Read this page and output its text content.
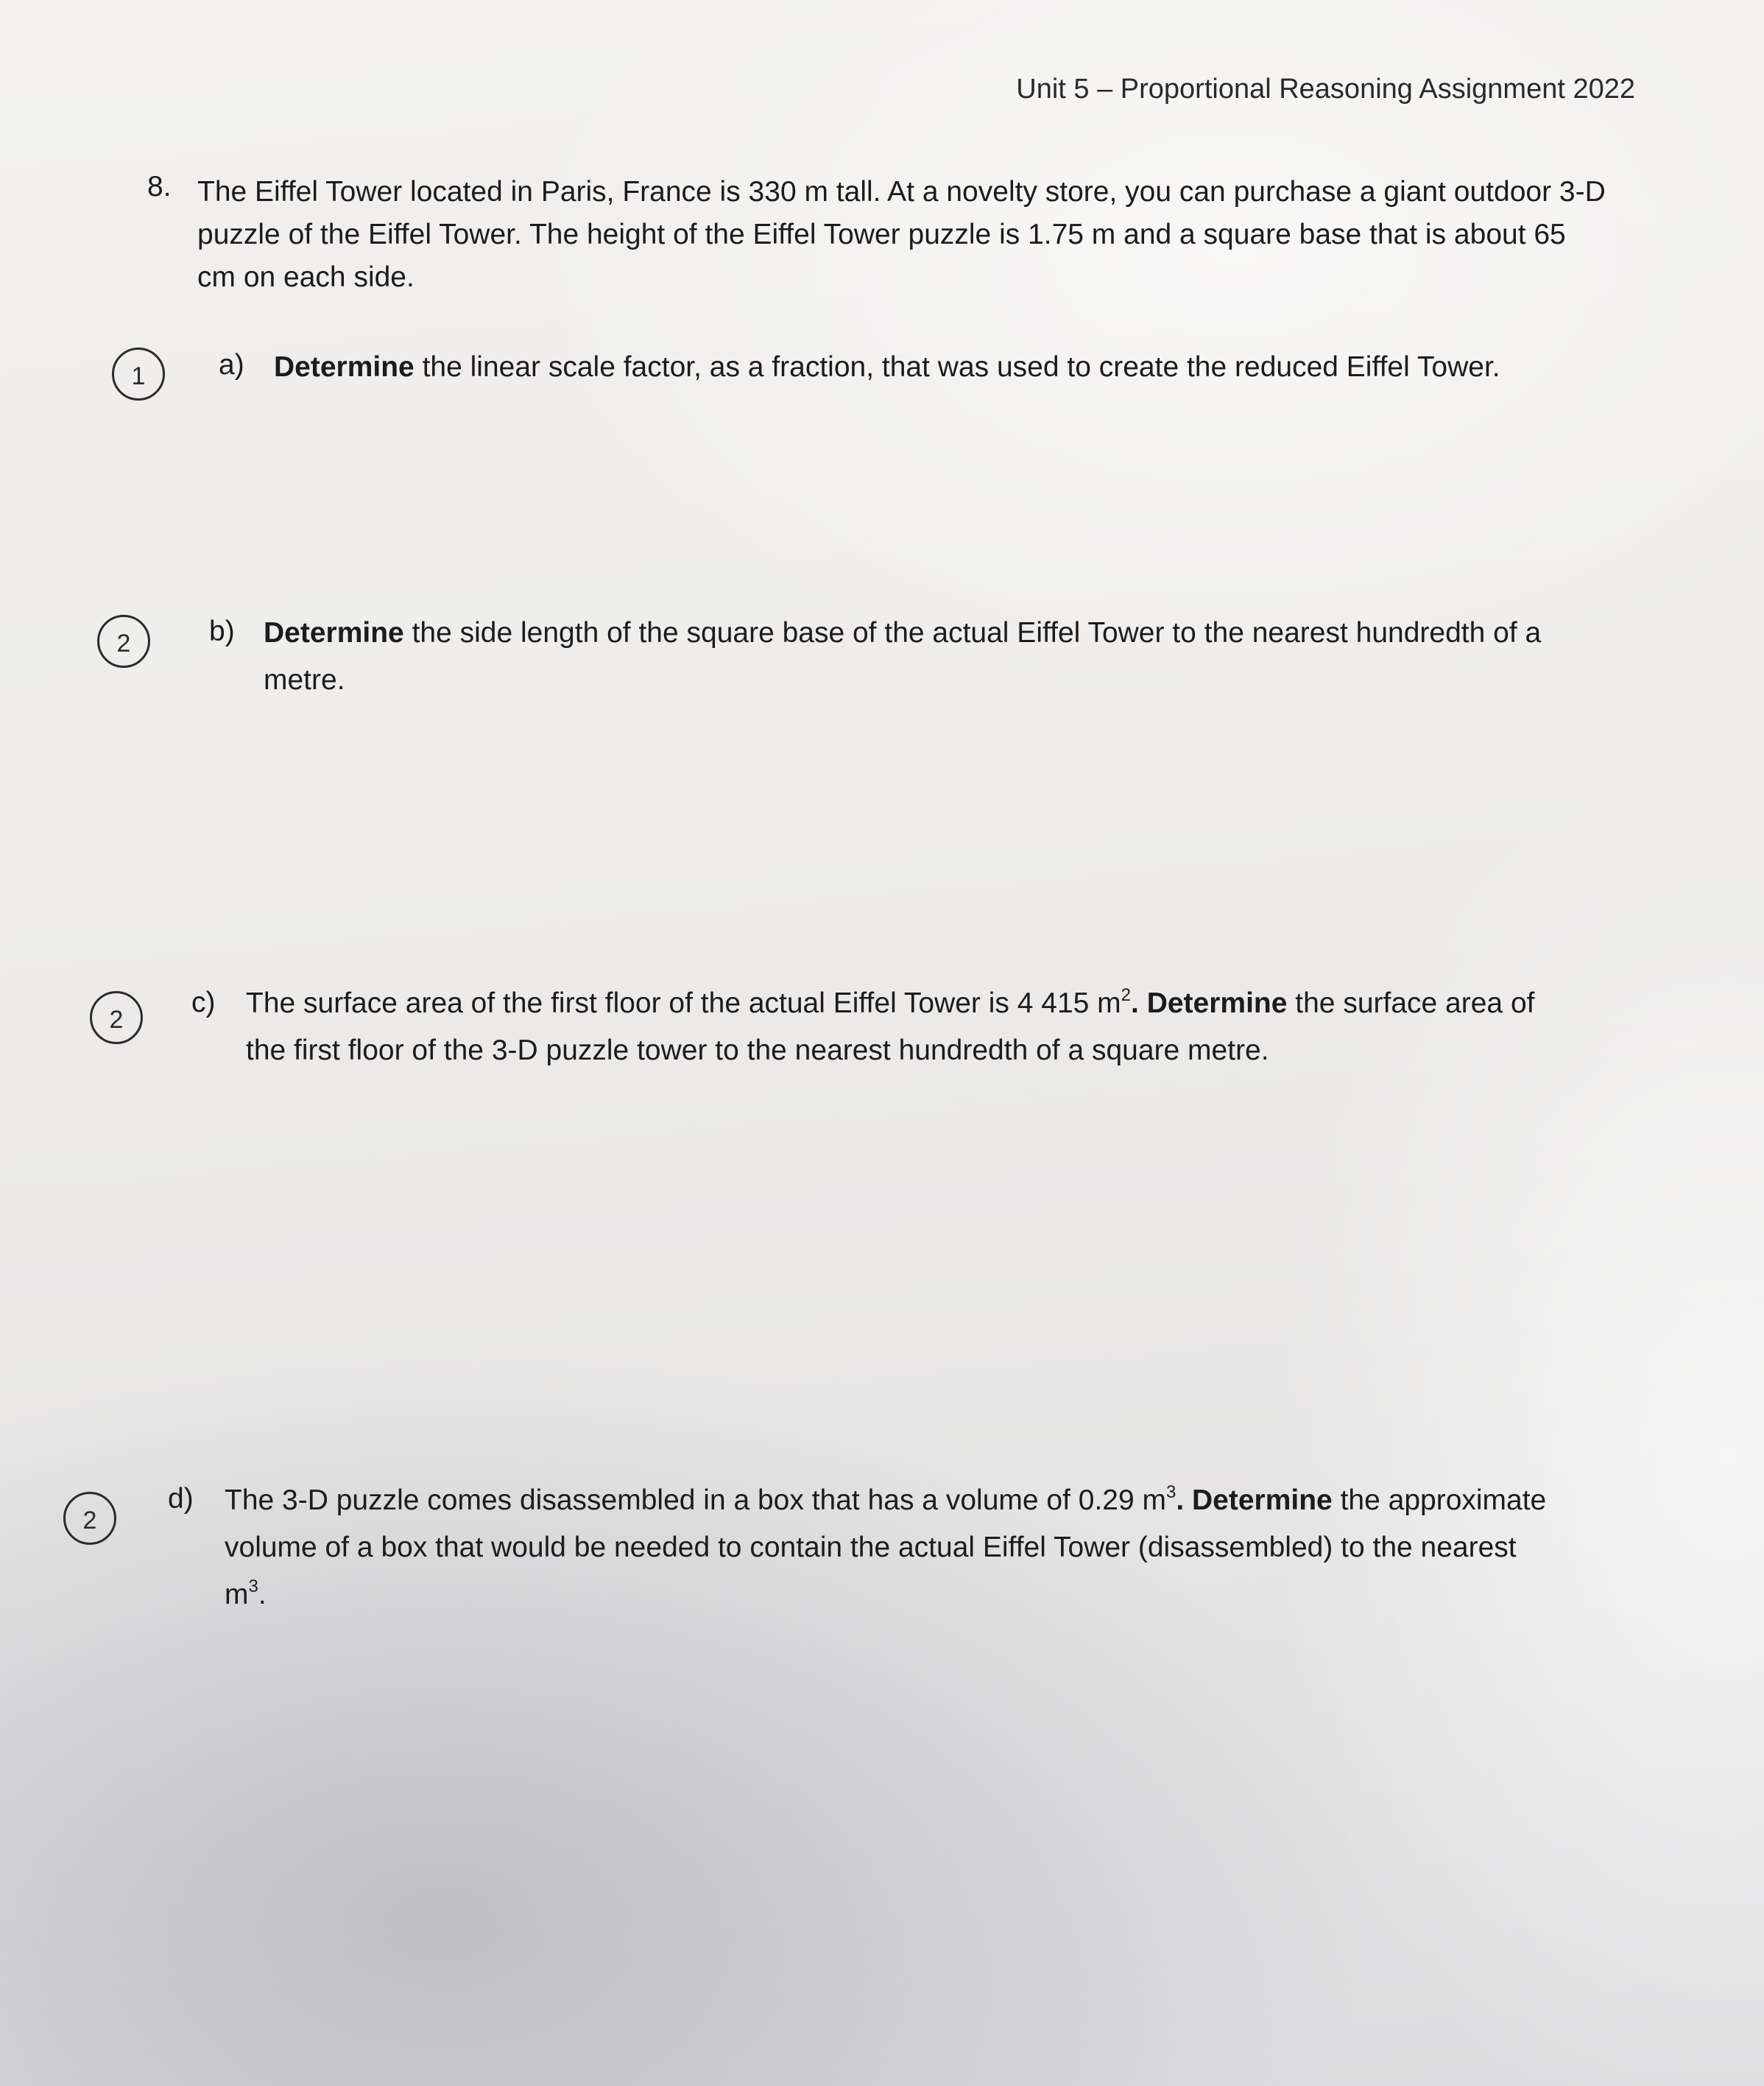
Unit 5 – Proportional Reasoning Assignment 2022
8. The Eiffel Tower located in Paris, France is 330 m tall. At a novelty store, you can purchase a giant outdoor 3-D
puzzle of the Eiffel Tower. The height of the Eiffel Tower puzzle is 1.75 m and a square base that is about 65
cm on each side.
1	a) Determine the linear scale factor, as a fraction, that was used to create the reduced Eiffel Tower.
2	b) Determine the side length of the square base of the actual Eiffel Tower to the nearest hundredth of a
metre.
2
c) The surface area of the first floor of the actual Eiffel Tower is 4 415 $m^2$. Determine the surface area of
the first floor of the 3-D puzzle tower to the nearest hundredth of a square metre.
2
d) The 3-D puzzle comes disassembled in a box that has a volume of 0.29 $m^3$. Determine the approximate
volume of a box that would be needed to contain the actual Eiffel Tower (disassembled) to the nearest
$m^3$.
